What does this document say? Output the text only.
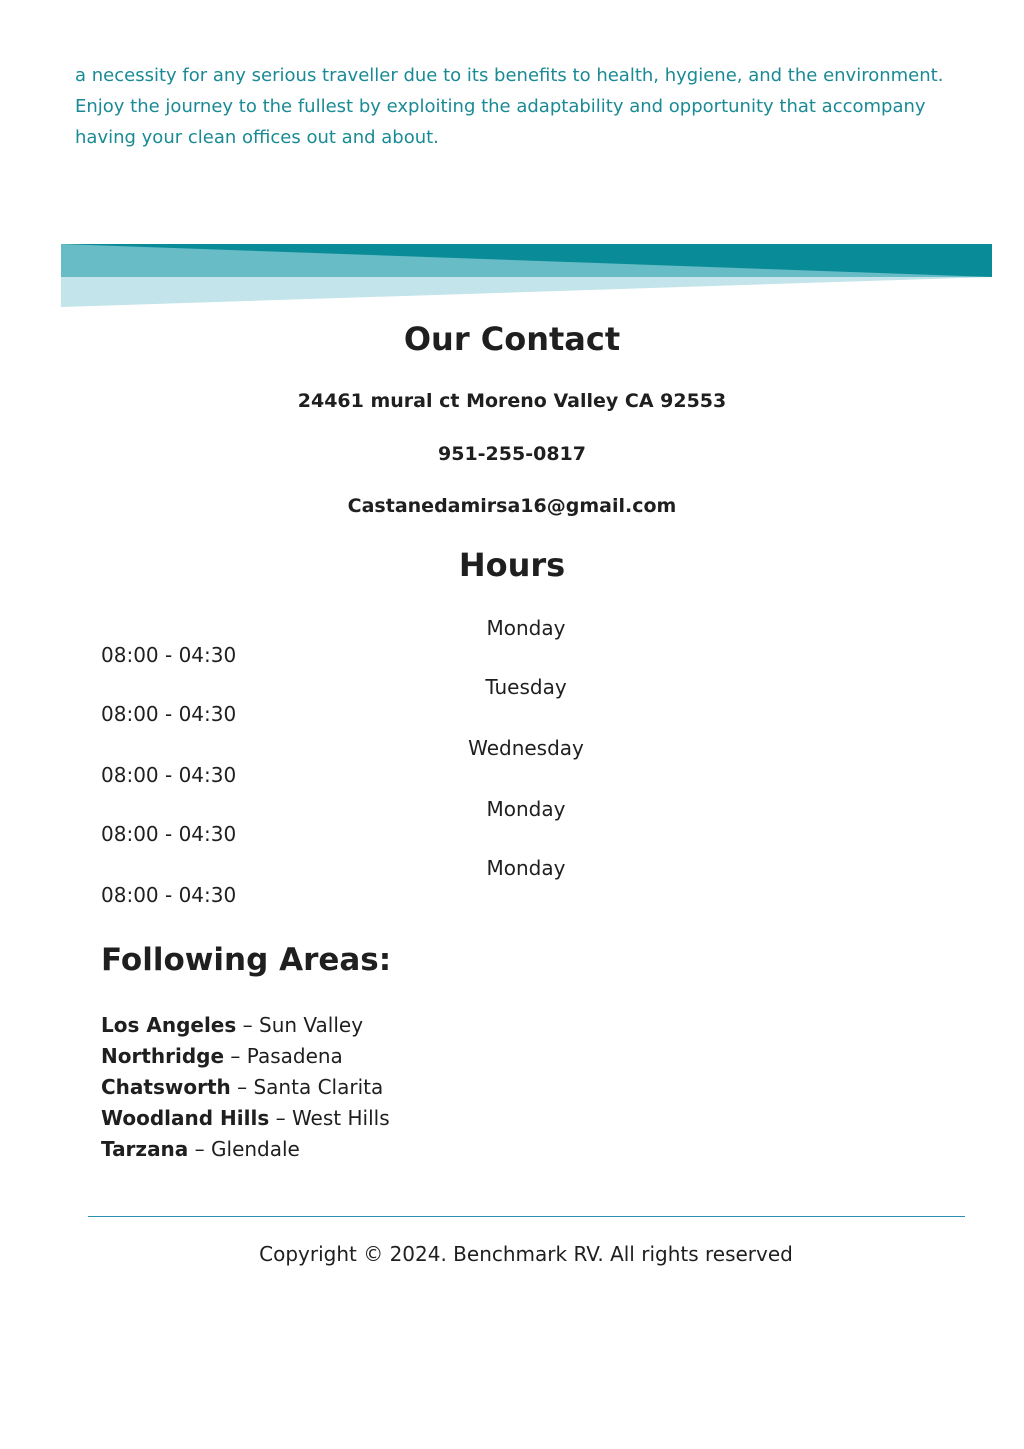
a necessity for any serious traveller due to its benefits to health, hygiene, and the environment.
Enjoy the journey to the fullest by exploiting the adaptability and opportunity that accompany
having your clean offices out and about.
Our Contact
24461 mural ct Moreno Valley CA 92553
951-255-0817
Castanedamirsa16@gmail.com
Hours
Monday
08:00 - 04:30
Tuesday
08:00 - 04:30
Wednesday
08:00 - 04:30
Monday
08:00 - 04:30
Monday
08:00 - 04:30
Following Areas:
Los Angeles – Sun Valley
Northridge – Pasadena
Chatsworth – Santa Clarita
Woodland Hills – West Hills
Tarzana – Glendale
Copyright © 2024. Benchmark RV. All rights reserved
